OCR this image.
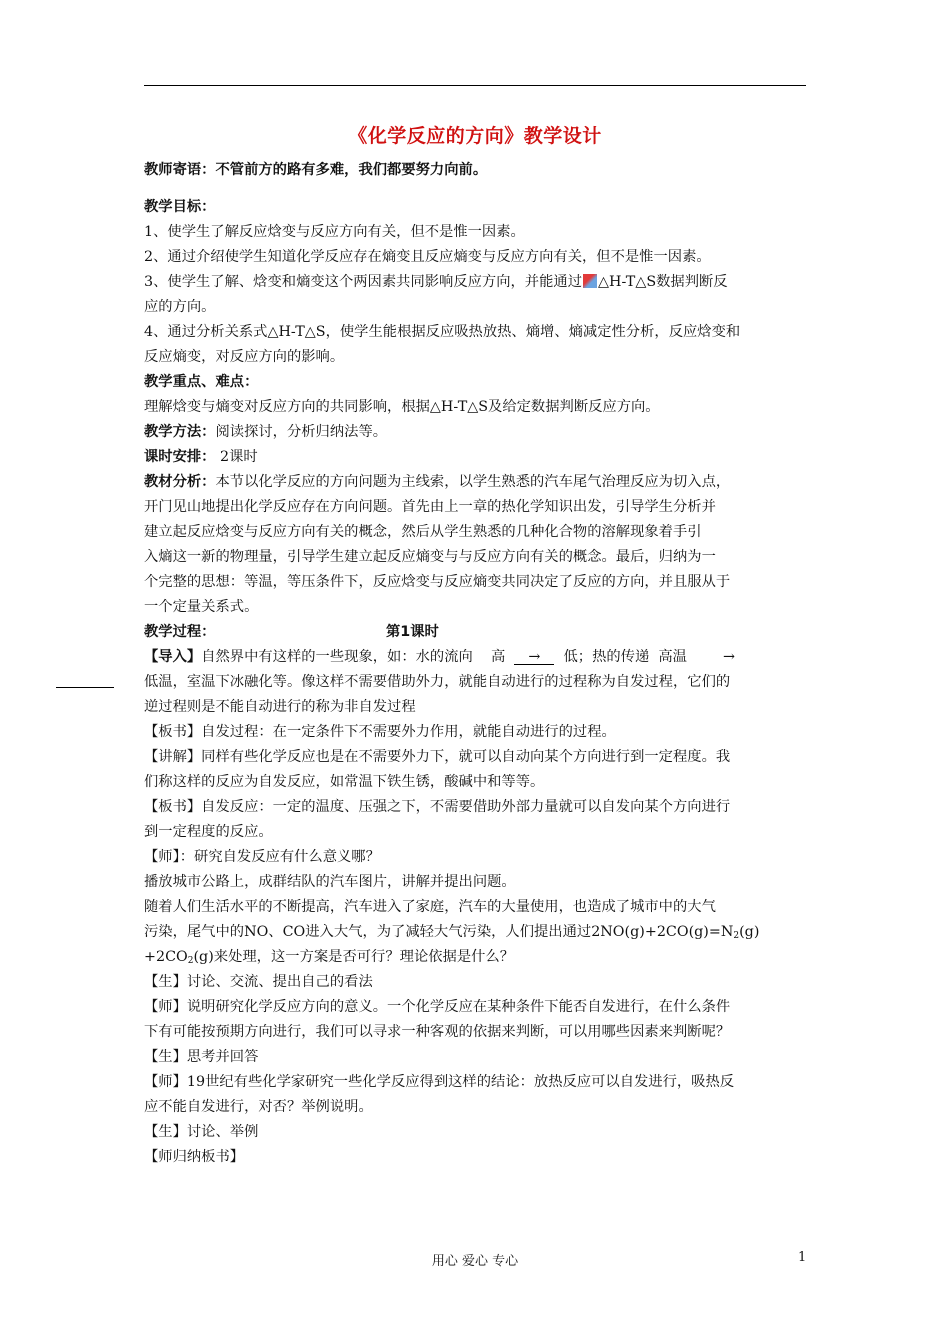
《化学反应的方向》教学设计
教师寄语：不管前方的路有多难，我们都要努力向前。
教学目标：
1、使学生了解反应焓变与反应方向有关，但不是惟一因素。
2、通过介绍使学生知道化学反应存在熵变且反应熵变与反应方向有关，但不是惟一因素。
3、使学生了解、焓变和熵变这个两因素共同影响反应方向，并能通过 △H-T△S数据判断反
应的方向。
4、通过分析关系式△H-T△S，使学生能根据反应吸热放热、熵增、熵减定性分析，反应焓变和
反应熵变，对反应方向的影响。
教学重点、难点：
理解焓变与熵变对反应方向的共同影响，根据△H-T△S及给定数据判断反应方向。
教学方法：阅读探讨，分析归纳法等。
课时安排： 2课时
教材分析：本节以化学反应的方向问题为主线索，以学生熟悉的汽车尾气治理反应为切入点，
开门见山地提出化学反应存在方向问题。首先由上一章的热化学知识出发，引导学生分析并
建立起反应焓变与反应方向有关的概念，然后从学生熟悉的几种化合物的溶解现象着手引
入熵这一新的物理量，引导学生建立起反应熵变与与反应方向有关的概念。最后，归纳为一
个完整的思想：等温，等压条件下，反应焓变与反应熵变共同决定了反应的方向，并且服从于
一个定量关系式。
教学过程：	第1课时
【导入】自然界中有这样的一些现象，如：水的流向 高 → 低；热的传递 高温	→
低温，室温下冰融化等。像这样不需要借助外力，就能自动进行的过程称为自发过程，它们的
逆过程则是不能自动进行的称为非自发过程
【板书】自发过程：在一定条件下不需要外力作用，就能自动进行的过程。
【讲解】同样有些化学反应也是在不需要外力下，就可以自动向某个方向进行到一定程度。我
们称这样的反应为自发反应，如常温下铁生锈，酸碱中和等等。
【板书】自发反应：一定的温度、压强之下，不需要借助外部力量就可以自发向某个方向进行
到一定程度的反应。
【师】：研究自发反应有什么意义哪？
播放城市公路上，成群结队的汽车图片，讲解并提出问题。
随着人们生活水平的不断提高，汽车进入了家庭，汽车的大量使用，也造成了城市中的大气
污染，尾气中的NO、CO进入大气，为了减轻大气污染，人们提出通过$2NO(g)+2CO(g)=N_2(g)$
$+2CO_2(g)$来处理，这一方案是否可行？理论依据是什么？
【生】讨论、交流、提出自己的看法
【师】说明研究化学反应方向的意义。一个化学反应在某种条件下能否自发进行，在什么条件
下有可能按预期方向进行，我们可以寻求一种客观的依据来判断，可以用哪些因素来判断呢？
【生】思考并回答
【师】19世纪有些化学家研究一些化学反应得到这样的结论：放热反应可以自发进行，吸热反
应不能自发进行，对否？举例说明。
【生】讨论、举例
【师归纳板书】
用心 爱心 专心	1
